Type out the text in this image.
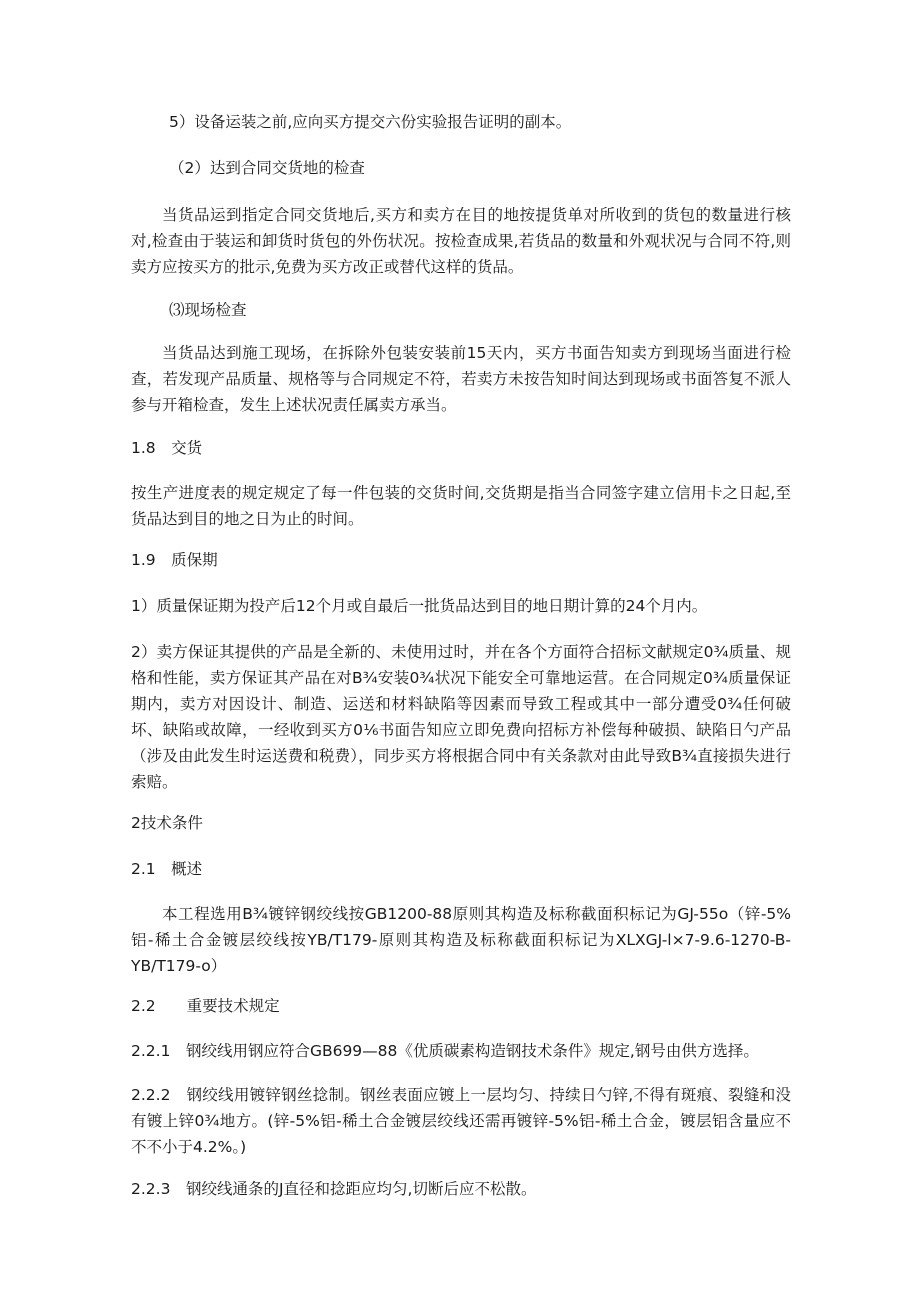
5）设备运装之前,应向买方提交六份实验报告证明的副本。

（2）达到合同交货地的检查

当货品运到指定合同交货地后,买方和卖方在目的地按提货单对所收到的货包的数量进行核对,检查由于装运和卸货时货包的外伤状况。按检查成果,若货品的数量和外观状况与合同不符,则卖方应按买方的批示,免费为买方改正或替代这样的货品。

⑶现场检查

当货品达到施工现场，在拆除外包装安装前15天内，买方书面告知卖方到现场当面进行检查，若发现产品质量、规格等与合同规定不符，若卖方未按告知时间达到现场或书面答复不派人参与开箱检查，发生上述状况责任属卖方承当。

1.8　交货

按生产进度表的规定规定了每一件包装的交货时间,交货期是指当合同签字建立信用卡之日起,至货品达到目的地之日为止的时间。

1.9　质保期

1）质量保证期为投产后12个月或自最后一批货品达到目的地日期计算的24个月内。

2）卖方保证其提供的产品是全新的、未使用过时，并在各个方面符合招标文献规定0¾质量、规格和性能，卖方保证其产品在对B¾安装0¾状况下能安全可靠地运营。在合同规定0¾质量保证期内，卖方对因设计、制造、运送和材料缺陷等因素而导致工程或其中一部分遭受0¾任何破坏、缺陷或故障，一经收到买方0⅙书面告知应立即免费向招标方补偿每种破损、缺陷日勺产品（涉及由此发生时运送费和税费），同步买方将根据合同中有关条款对由此导致B¾直接损失进行索赔。

2技术条件

2.1　概述

本工程选用B¾镀锌钢绞线按GB1200-88原则其构造及标称截面积标记为GJ-55o（锌-5%铝-稀土合金镀层绞线按YB/T179-原则其构造及标称截面积标记为XLXGJ-l×7-9.6-1270-B-YB/T179-o）

2.2　　重要技术规定

2.2.1　钢绞线用钢应符合GB699—88《优质碳素构造钢技术条件》规定,钢号由供方选择。

2.2.2　钢绞线用镀锌钢丝捻制。钢丝表面应镀上一层均匀、持续日勺锌,不得有斑痕、裂缝和没有镀上锌0¾地方。(锌-5%铝-稀土合金镀层绞线还需再镀锌-5%铝-稀土合金，镀层铝含量应不不不小于4.2%。)

2.2.3　钢绞线通条的J直径和捻距应均匀,切断后应不松散。
